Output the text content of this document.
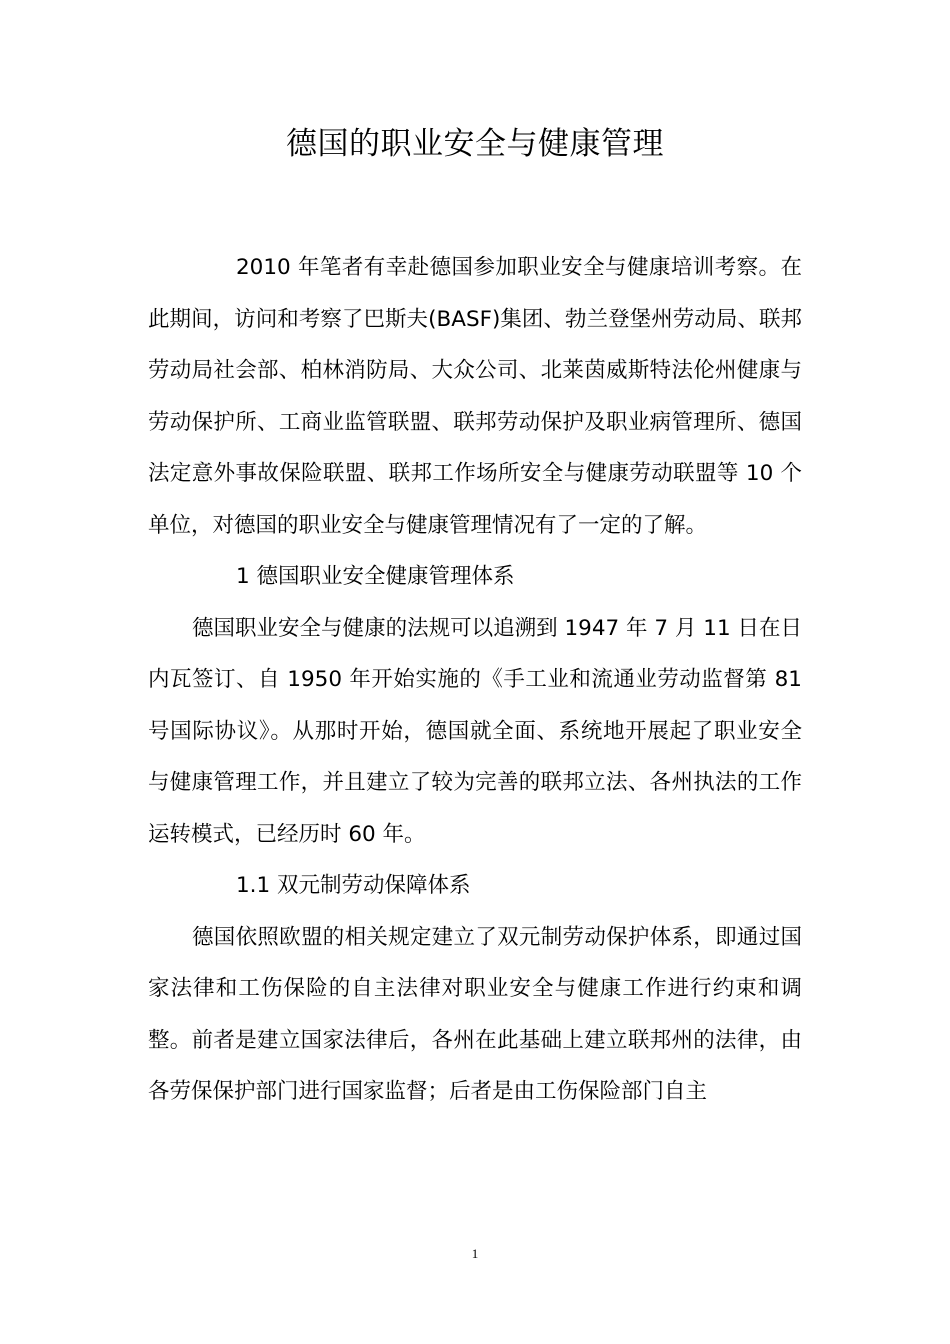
德国的职业安全与健康管理

2010 年笔者有幸赴德国参加职业安全与健康培训考察。在此期间，访问和考察了巴斯夫(BASF)集团、勃兰登堡州劳动局、联邦劳动局社会部、柏林消防局、大众公司、北莱茵威斯特法伦州健康与劳动保护所、工商业监管联盟、联邦劳动保护及职业病管理所、德国法定意外事故保险联盟、联邦工作场所安全与健康劳动联盟等 10 个单位，对德国的职业安全与健康管理情况有了一定的了解。

1 德国职业安全健康管理体系

德国职业安全与健康的法规可以追溯到 1947 年 7 月 11 日在日内瓦签订、自 1950 年开始实施的《手工业和流通业劳动监督第 81 号国际协议》。从那时开始，德国就全面、系统地开展起了职业安全与健康管理工作，并且建立了较为完善的联邦立法、各州执法的工作运转模式，已经历时 60 年。

1.1 双元制劳动保障体系

德国依照欧盟的相关规定建立了双元制劳动保护体系，即通过国家法律和工伤保险的自主法律对职业安全与健康工作进行约束和调整。前者是建立国家法律后，各州在此基础上建立联邦州的法律，由各劳保保护部门进行国家监督；后者是由工伤保险部门自主

1
